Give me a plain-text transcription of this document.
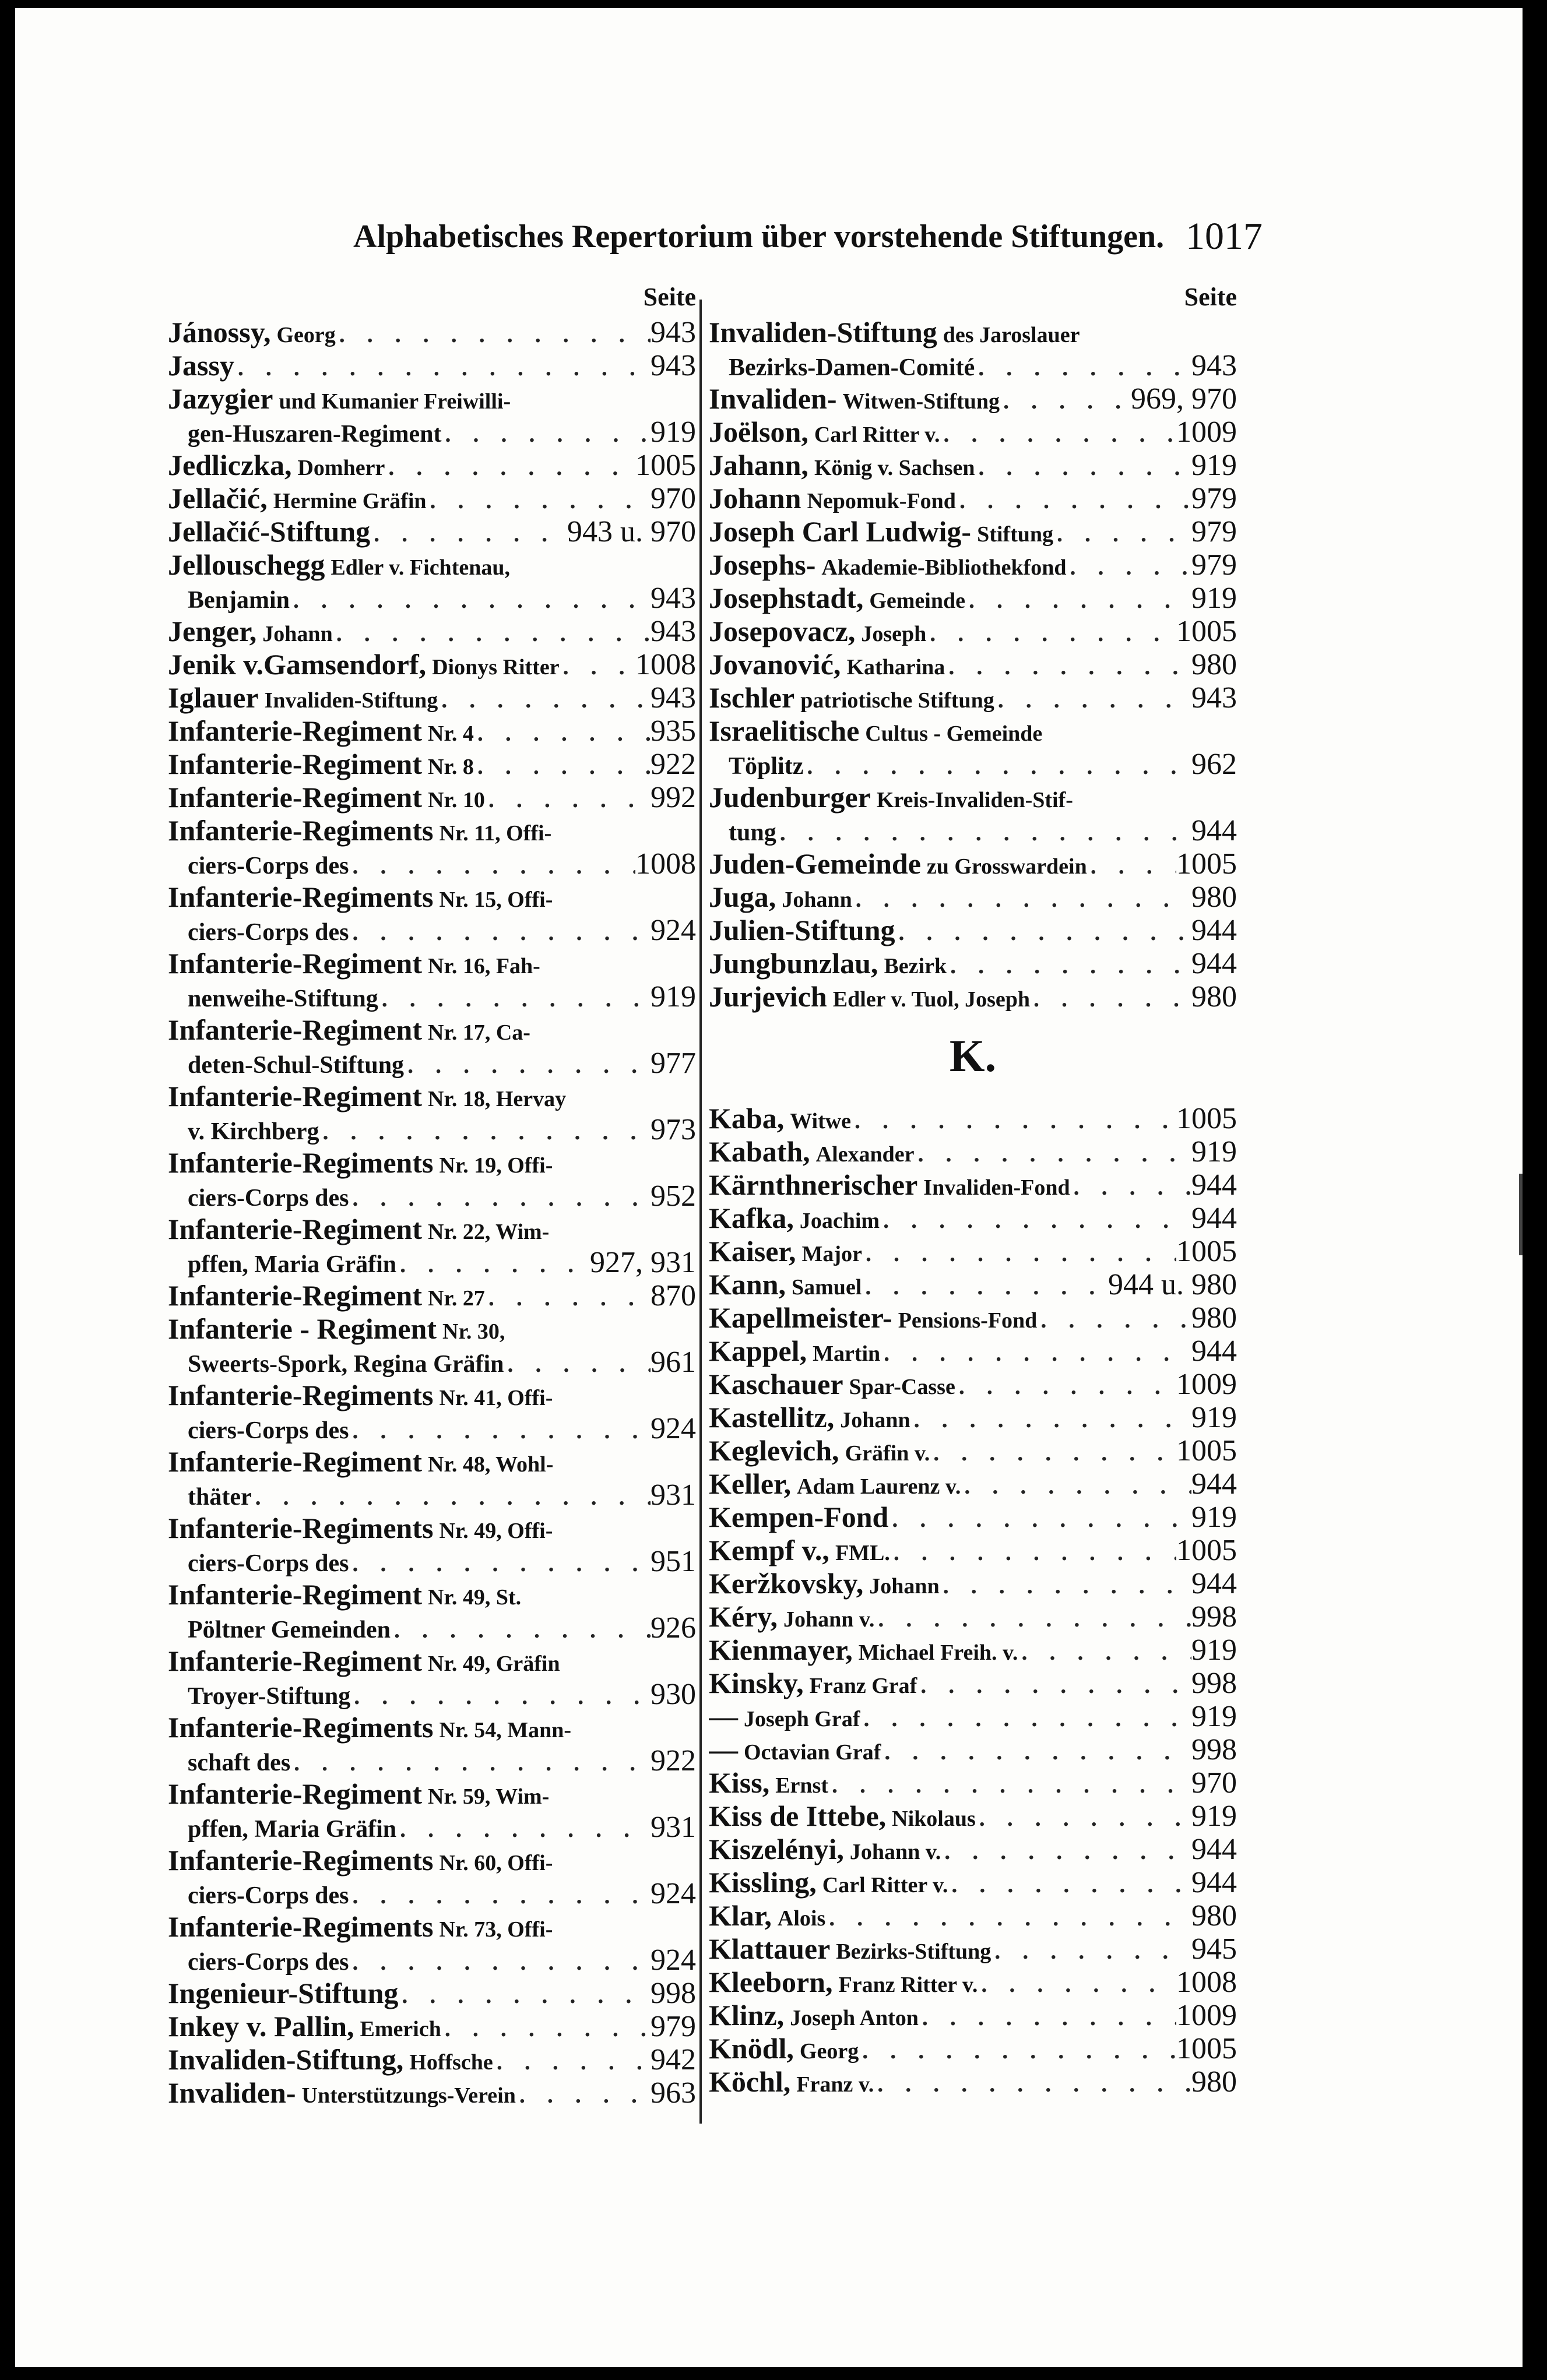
Alphabetisches Repertorium über vorstehende Stiftungen. 1017
Seite
Jánossy, Georg . . .	943
Jassy . . .	943
Jazygier und Kumanier Freiwilli-
gen-Huszaren-Regiment . . .	919
Jedliczka, Domherr . . .	1005
Jellačić, Hermine Gräfin . . .	970
Jellačić-Stiftung . . .	943 u. 970
Jellouschegg Edler v. Fichtenau,
Benjamin . . .	943
Jenger, Johann . . .	943
Jenik v.Gamsendorf, Dionys Ritter . . .	1008
Iglauer Invaliden-Stiftung . . .	943
Infanterie-Regiment Nr. 4 . . .	935
Infanterie-Regiment Nr. 8 . . .	922
Infanterie-Regiment Nr. 10 . . .	992
Infanterie-Regiments Nr. 11, Offi-
ciers-Corps des . . .	1008
Infanterie-Regiments Nr. 15, Offi-
ciers-Corps des . . .	924
Infanterie-Regiment Nr. 16, Fah-
nenweihe-Stiftung . . .	919
Infanterie-Regiment Nr. 17, Ca-
deten-Schul-Stiftung . . .	977
Infanterie-Regiment Nr. 18, Hervay
v. Kirchberg . . .	973
Infanterie-Regiments Nr. 19, Offi-
ciers-Corps des . . .	952
Infanterie-Regiment Nr. 22, Wim-
pffen, Maria Gräfin . . .	927, 931
Infanterie-Regiment Nr. 27 . . .	870
Infanterie - Regiment Nr. 30,
Sweerts-Spork, Regina Gräfin . . .	961
Infanterie-Regiments Nr. 41, Offi-
ciers-Corps des . . .	924
Infanterie-Regiment Nr. 48, Wohl-
thäter . . .	931
Infanterie-Regiments Nr. 49, Offi-
ciers-Corps des . . .	951
Infanterie-Regiment Nr. 49, St.
Pöltner Gemeinden . . .	926
Infanterie-Regiment Nr. 49, Gräfin
Troyer-Stiftung . . .	930
Infanterie-Regiments Nr. 54, Mann-
schaft des . . .	922
Infanterie-Regiment Nr. 59, Wim-
pffen, Maria Gräfin . . .	931
Infanterie-Regiments Nr. 60, Offi-
ciers-Corps des . . .	924
Infanterie-Regiments Nr. 73, Offi-
ciers-Corps des . . .	924
Ingenieur-Stiftung . . .	998
Inkey v. Pallin, Emerich . . .	979
Invaliden-Stiftung, Hoffsche . . .	942
Invaliden- Unterstützungs-Verein . . .	963
Seite
Invaliden-Stiftung des Jaroslauer
Bezirks-Damen-Comité . . .	943
Invaliden- Witwen-Stiftung . . .	969, 970
Joëlson, Carl Ritter v. . . .	1009
Jahann, König v. Sachsen . . .	919
Johann Nepomuk-Fond . . .	979
Joseph Carl Ludwig- Stiftung . . .	979
Josephs- Akademie-Bibliothekfond . . .	979
Josephstadt, Gemeinde . . .	919
Josepovacz, Joseph . . .	1005
Jovanović, Katharina . . .	980
Ischler patriotische Stiftung . . .	943
Israelitische Cultus - Gemeinde
Töplitz . . .	962
Judenburger Kreis-Invaliden-Stif-
tung . . .	944
Juden-Gemeinde zu Grosswardein . . .	1005
Juga, Johann . . .	980
Julien-Stiftung . . .	944
Jungbunzlau, Bezirk . . .	944
Jurjevich Edler v. Tuol, Joseph . . .	980
K.
Kaba, Witwe . . .	1005
Kabath, Alexander . . .	919
Kärnthnerischer Invaliden-Fond . . .	944
Kafka, Joachim . . .	944
Kaiser, Major . . .	1005
Kann, Samuel . . .	944 u. 980
Kapellmeister- Pensions-Fond . . .	980
Kappel, Martin . . .	944
Kaschauer Spar-Casse . . .	1009
Kastellitz, Johann . . .	919
Keglevich, Gräfin v. . . .	1005
Keller, Adam Laurenz v. . . .	944
Kempen-Fond . . .	919
Kempf v., FML. . . .	1005
Keržkovsky, Johann . . .	944
Kéry, Johann v. . . .	998
Kienmayer, Michael Freih. v. . . .	919
Kinsky, Franz Graf . . .	998
— Joseph Graf . . .	919
— Octavian Graf . . .	998
Kiss, Ernst . . .	970
Kiss de Ittebe, Nikolaus . . .	919
Kiszelényi, Johann v. . . .	944
Kissling, Carl Ritter v. . . .	944
Klar, Alois . . .	980
Klattauer Bezirks-Stiftung . . .	945
Kleeborn, Franz Ritter v. . . .	1008
Klinz, Joseph Anton . . .	1009
Knödl, Georg . . .	1005
Köchl, Franz v. . . .	980
